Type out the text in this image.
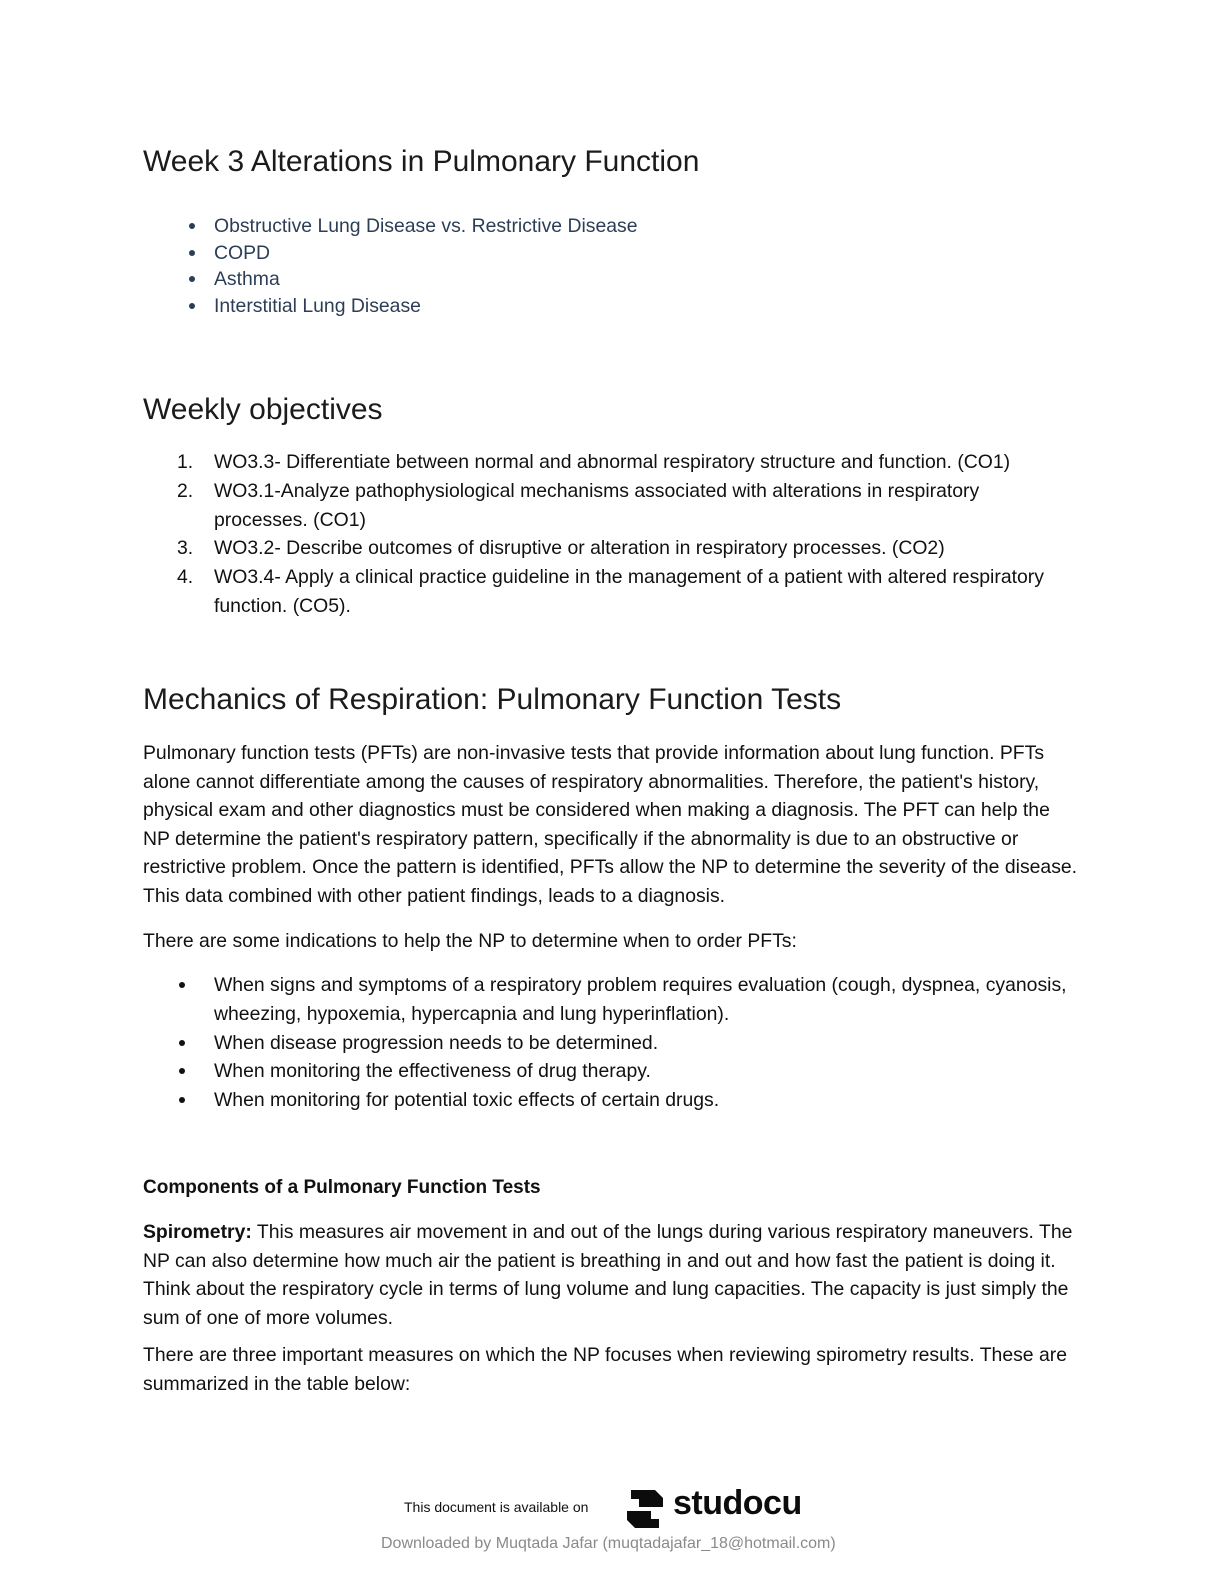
Week 3 Alterations in Pulmonary Function
Obstructive Lung Disease vs. Restrictive Disease
COPD
Asthma
Interstitial Lung Disease
Weekly objectives
1. WO3.3- Differentiate between normal and abnormal respiratory structure and function. (CO1)
2. WO3.1-Analyze pathophysiological mechanisms associated with alterations in respiratory processes. (CO1)
3. WO3.2- Describe outcomes of disruptive or alteration in respiratory processes. (CO2)
4. WO3.4- Apply a clinical practice guideline in the management of a patient with altered respiratory function. (CO5).
Mechanics of Respiration: Pulmonary Function Tests

Pulmonary function tests (PFTs) are non-invasive tests that provide information about lung function. PFTs alone cannot differentiate among the causes of respiratory abnormalities. Therefore, the patient's history, physical exam and other diagnostics must be considered when making a diagnosis. The PFT can help the NP determine the patient's respiratory pattern, specifically if the abnormality is due to an obstructive or restrictive problem. Once the pattern is identified, PFTs allow the NP to determine the severity of the disease. This data combined with other patient findings, leads to a diagnosis.

There are some indications to help the NP to determine when to order PFTs:

When signs and symptoms of a respiratory problem requires evaluation (cough, dyspnea, cyanosis, wheezing, hypoxemia, hypercapnia and lung hyperinflation).
When disease progression needs to be determined.
When monitoring the effectiveness of drug therapy.
When monitoring for potential toxic effects of certain drugs.
Components of a Pulmonary Function Tests

Spirometry: This measures air movement in and out of the lungs during various respiratory maneuvers. The NP can also determine how much air the patient is breathing in and out and how fast the patient is doing it. Think about the respiratory cycle in terms of lung volume and lung capacities. The capacity is just simply the sum of one of more volumes.

There are three important measures on which the NP focuses when reviewing spirometry results. These are summarized in the table below:

This document is available on studocu
Downloaded by Muqtada Jafar (muqtadajafar_18@hotmail.com)
